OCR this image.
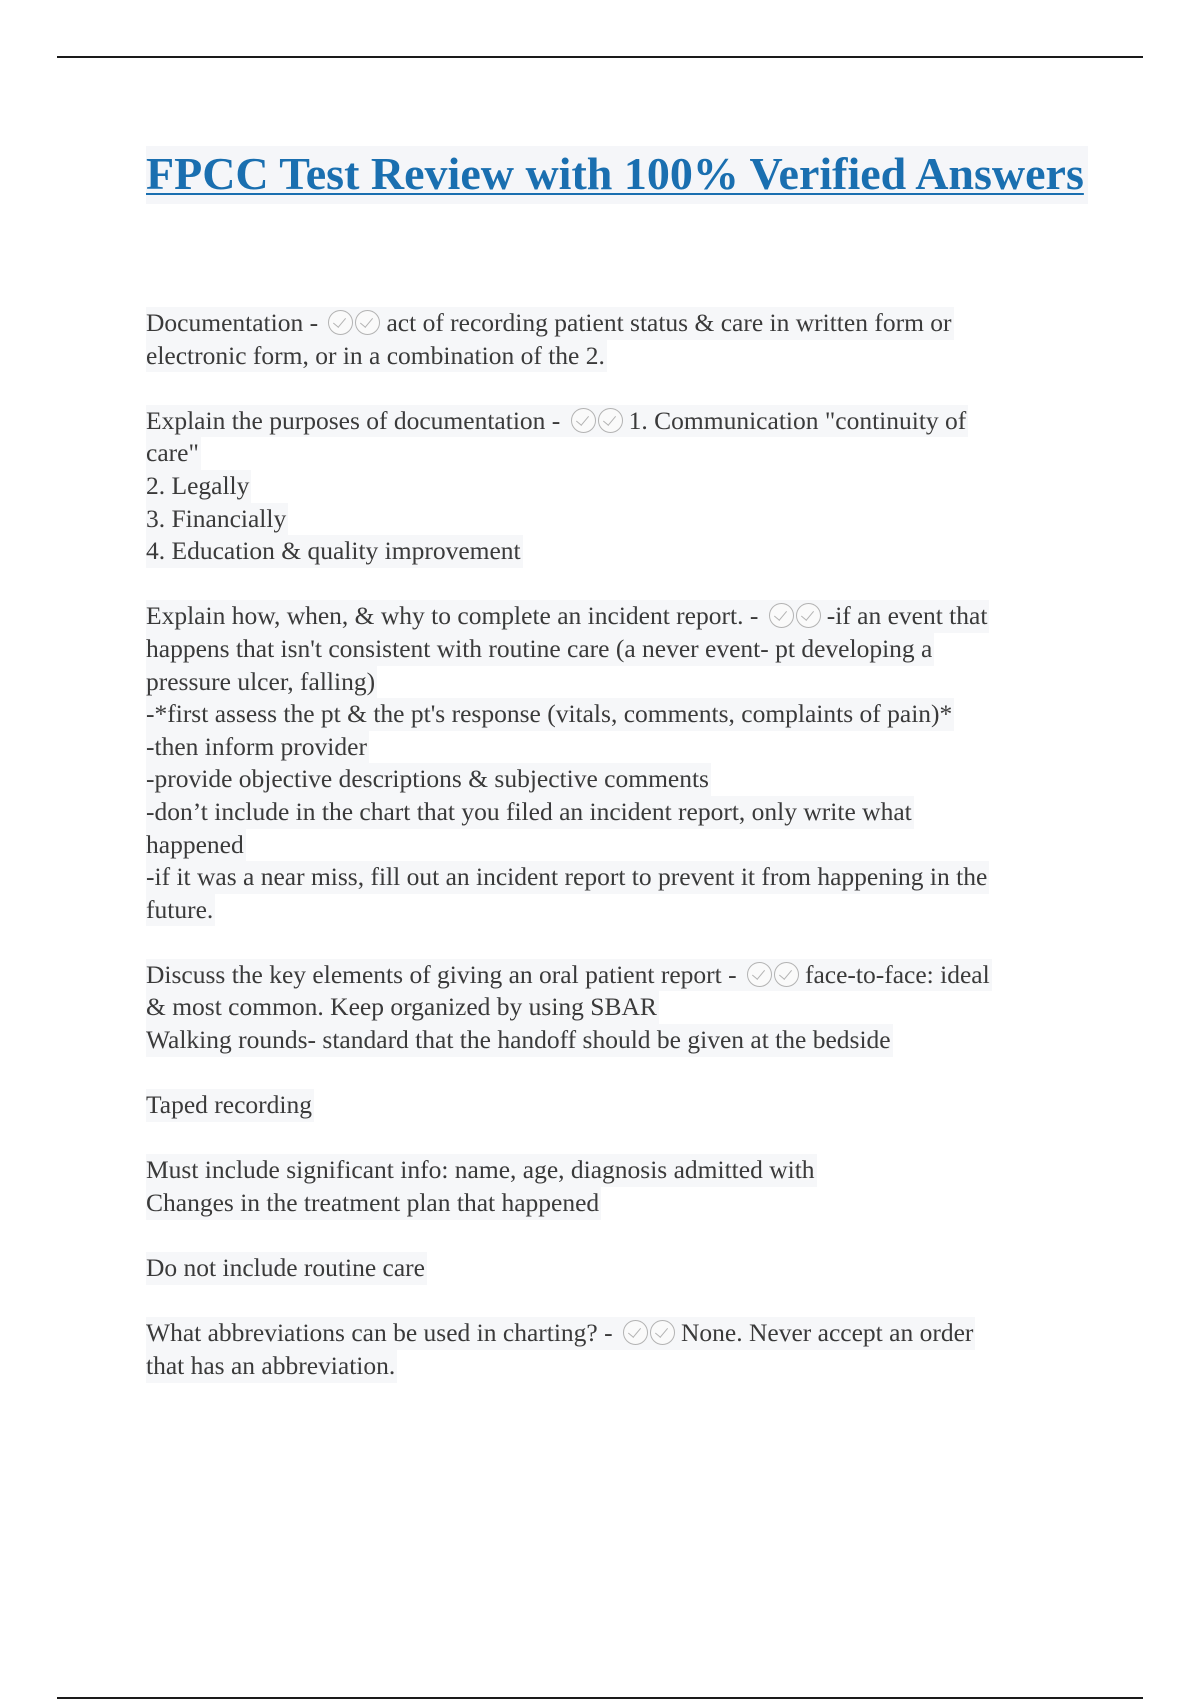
FPCC Test Review with 100% Verified Answers
Documentation - act of recording patient status & care in written form or
electronic form, or in a combination of the 2.
Explain the purposes of documentation - 1. Communication "continuity of
care"
2. Legally
3. Financially
4. Education & quality improvement
Explain how, when, & why to complete an incident report. - -if an event that
happens that isn't consistent with routine care (a never event- pt developing a
pressure ulcer, falling)
-*first assess the pt & the pt's response (vitals, comments, complaints of pain)*
-then inform provider
-provide objective descriptions & subjective comments
-don’t include in the chart that you filed an incident report, only write what
happened
-if it was a near miss, fill out an incident report to prevent it from happening in the
future.
Discuss the key elements of giving an oral patient report - face-to-face: ideal
& most common. Keep organized by using SBAR
Walking rounds- standard that the handoff should be given at the bedside
Taped recording
Must include significant info: name, age, diagnosis admitted with
Changes in the treatment plan that happened
Do not include routine care
What abbreviations can be used in charting? - None. Never accept an order
that has an abbreviation.
